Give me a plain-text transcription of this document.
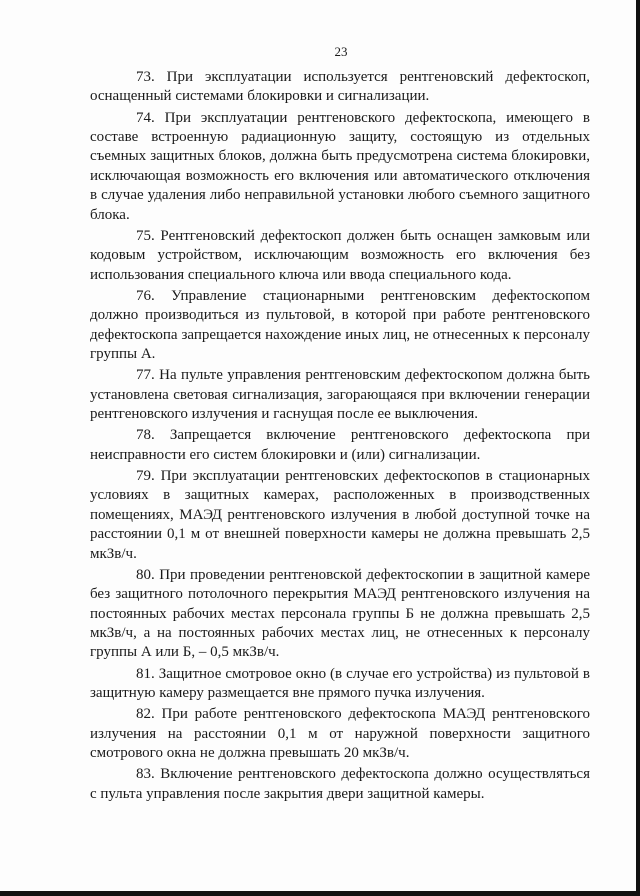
23

73. При эксплуатации используется рентгеновский дефектоскоп, оснащенный системами блокировки и сигнализации.

74. При эксплуатации рентгеновского дефектоскопа, имеющего в составе встроенную радиационную защиту, состоящую из отдельных съемных защитных блоков, должна быть предусмотрена система блокировки, исключающая возможность его включения или автоматического отключения в случае удаления либо неправильной установки любого съемного защитного блока.

75. Рентгеновский дефектоскоп должен быть оснащен замковым или кодовым устройством, исключающим возможность его включения без использования специального ключа или ввода специального кода.

76. Управление стационарными рентгеновским дефектоскопом должно производиться из пультовой, в которой при работе рентгеновского дефектоскопа запрещается нахождение иных лиц, не отнесенных к персоналу группы А.

77. На пульте управления рентгеновским дефектоскопом должна быть установлена световая сигнализация, загорающаяся при включении генерации рентгеновского излучения и гаснущая после ее выключения.

78. Запрещается включение рентгеновского дефектоскопа при неисправности его систем блокировки и (или) сигнализации.

79. При эксплуатации рентгеновских дефектоскопов в стационарных условиях в защитных камерах, расположенных в производственных помещениях, МАЭД рентгеновского излучения в любой доступной точке на расстоянии 0,1 м от внешней поверхности камеры не должна превышать 2,5 мкЗв/ч.

80. При проведении рентгеновской дефектоскопии в защитной камере без защитного потолочного перекрытия МАЭД рентгеновского излучения на постоянных рабочих местах персонала группы Б не должна превышать 2,5 мкЗв/ч, а на постоянных рабочих местах лиц, не отнесенных к персоналу группы А или Б, – 0,5 мкЗв/ч.

81. Защитное смотровое окно (в случае его устройства) из пультовой в защитную камеру размещается вне прямого пучка излучения.

82. При работе рентгеновского дефектоскопа МАЭД рентгеновского излучения на расстоянии 0,1 м от наружной поверхности защитного смотрового окна не должна превышать 20 мкЗв/ч.

83. Включение рентгеновского дефектоскопа должно осуществляться с пульта управления после закрытия двери защитной камеры.
